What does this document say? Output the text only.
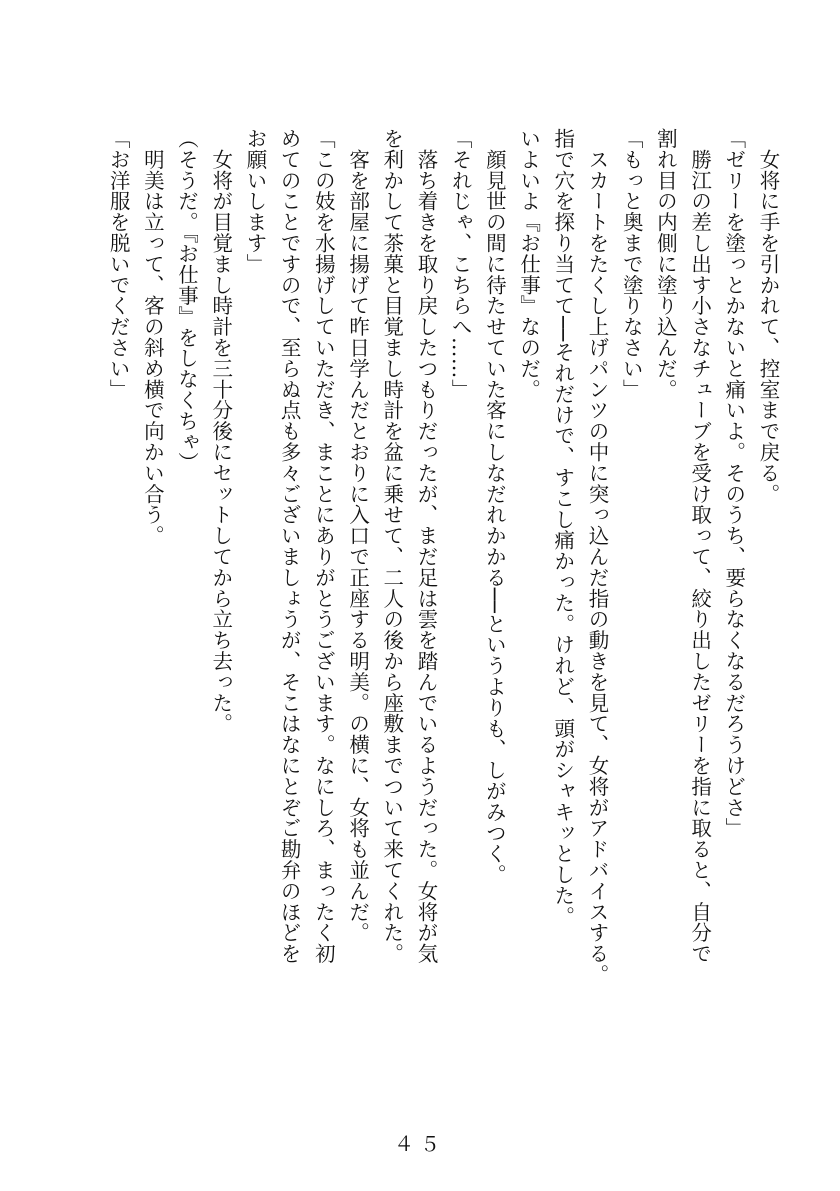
　女将に手を引かれて、控室まで戻る。
「ゼリーを塗っとかないと痛いよ。そのうち、要らなくなるだろうけどさ」
　勝江の差し出す小さなチューブを受け取って、絞り出したゼリーを指に取ると、自分で
割れ目の内側に塗り込んだ。
「もっと奥まで塗りなさい」
　スカートをたくし上げパンツの中に突っ込んだ指の動きを見て、女将がアドバイスする。
指で穴を探り当てて──それだけで、すこし痛かった。けれど、頭がシャキッとした。
いよいよ『お仕事』なのだ。
　顔見世の間に待たせていた客にしなだれかかる──というよりも、しがみつく。
「それじゃ、こちらへ……」
　落ち着きを取り戻したつもりだったが、まだ足は雲を踏んでいるようだった。女将が気
を利かして茶菓と目覚まし時計を盆に乗せて、二人の後から座敷までついて来てくれた。
　客を部屋に揚げて昨日学んだとおりに入口で正座する明美。の横に、女将も並んだ。
「この妓を水揚げしていただき、まことにありがとうございます。なにしろ、まったく初
めてのことですので、至らぬ点も多々ございましょうが、そこはなにとぞご勘弁のほどを
お願いします」
　女将が目覚まし時計を三十分後にセットしてから立ち去った。
（そうだ。『お仕事』をしなくちゃ）
　明美は立って、客の斜め横で向かい合う。
「お洋服を脱いでください」
４５
